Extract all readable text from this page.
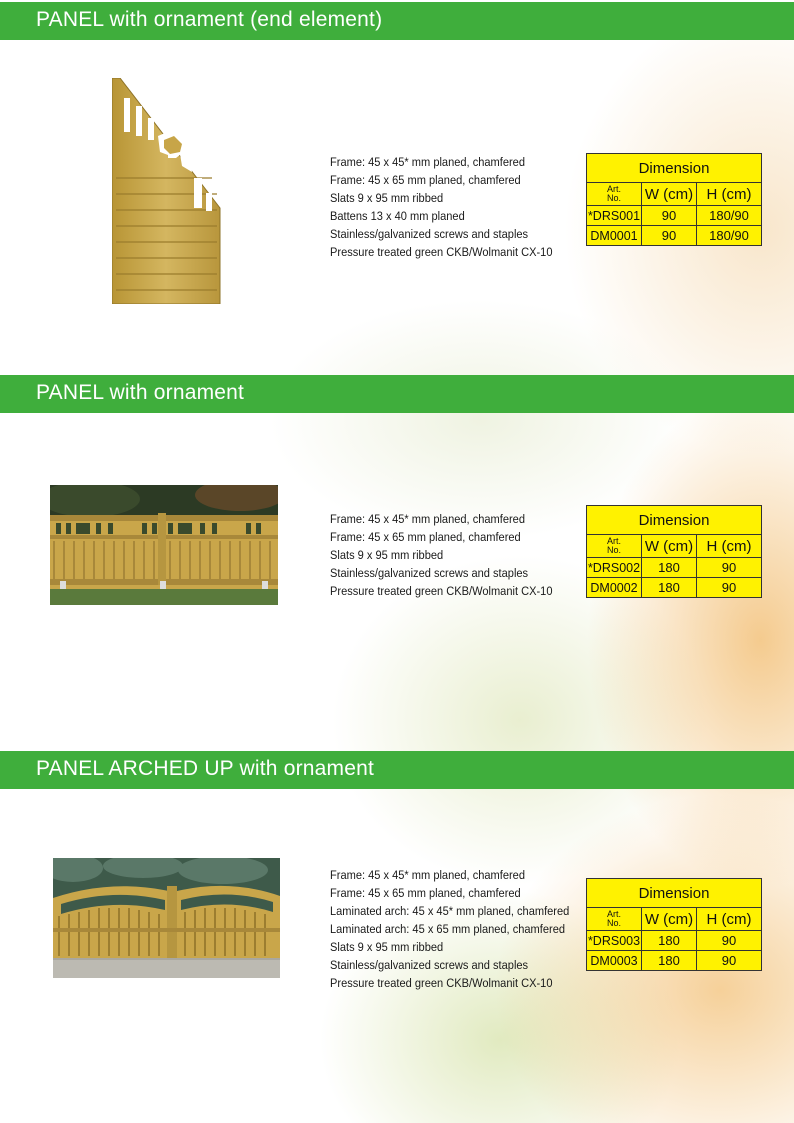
PANEL with ornament (end element)
Frame: 45 x 45* mm planed, chamfered
Frame: 45 x 65 mm planed, chamfered
Slats 9 x 95 mm ribbed
Battens 13 x 40 mm planed
Stainless/galvanized screws and staples
Pressure treated green CKB/Wolmanit CX-10
Dimension		
Art.
No.	W (cm)	H (cm)
*DRS001	90	180/90
DM0001	90	180/90
PANEL with ornament
Frame: 45 x 45* mm planed, chamfered
Frame: 45 x 65 mm planed, chamfered
Slats 9 x 95 mm ribbed
Stainless/galvanized screws and staples
Pressure treated green CKB/Wolmanit CX-10
Dimension		
Art.
No.	W (cm)	H (cm)
*DRS002	180	90
DM0002	180	90
PANEL ARCHED UP with ornament
Frame: 45 x 45* mm planed, chamfered
Frame: 45 x 65 mm planed, chamfered
Laminated arch: 45 x 45* mm planed, chamfered
Laminated arch: 45 x 65 mm planed, chamfered
Slats 9 x 95 mm ribbed
Stainless/galvanized screws and staples
Pressure treated green CKB/Wolmanit CX-10
Dimension		
Art.
No.	W (cm)	H (cm)
*DRS003	180	90
DM0003	180	90
